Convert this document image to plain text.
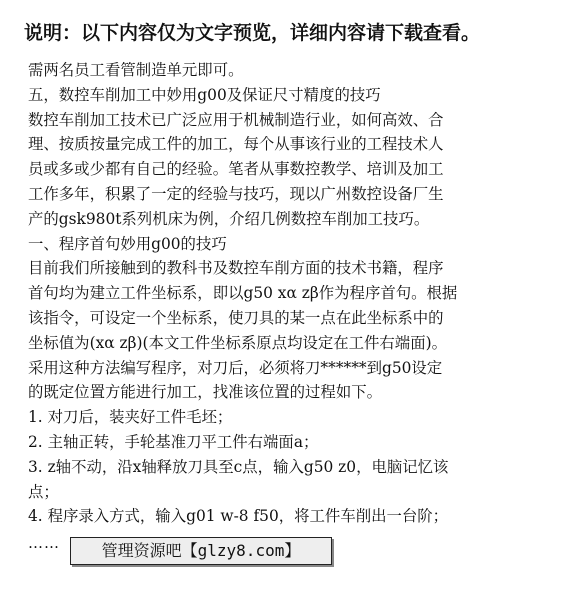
说明：以下内容仅为文字预览，详细内容请下载查看。
需两名员工看管制造单元即可。
五，数控车削加工中妙用g00及保证尺寸精度的技巧
数控车削加工技术已广泛应用于机械制造行业，如何高效、合
理、按质按量完成工件的加工，每个从事该行业的工程技术人
员或多或少都有自己的经验。笔者从事数控教学、培训及加工
工作多年，积累了一定的经验与技巧，现以广州数控设备厂生
产的gsk980t系列机床为例，介绍几例数控车削加工技巧。
一、程序首句妙用g00的技巧
目前我们所接触到的教科书及数控车削方面的技术书籍，程序
首句均为建立工件坐标系，即以g50 xα zβ作为程序首句。根据
该指令，可设定一个坐标系，使刀具的某一点在此坐标系中的
坐标值为(xα zβ)(本文工件坐标系原点均设定在工件右端面)。
采用这种方法编写程序，对刀后，必须将刀******到g50设定
的既定位置方能进行加工，找准该位置的过程如下。
1. 对刀后，装夹好工件毛坯；
2. 主轴正转，手轮基准刀平工件右端面a；
3. z轴不动，沿x轴释放刀具至c点，输入g50 z0，电脑记忆该
点；
4. 程序录入方式，输入g01 w-8 f50，将工件车削出一台阶；
……	管理资源吧【glzy8.com】
